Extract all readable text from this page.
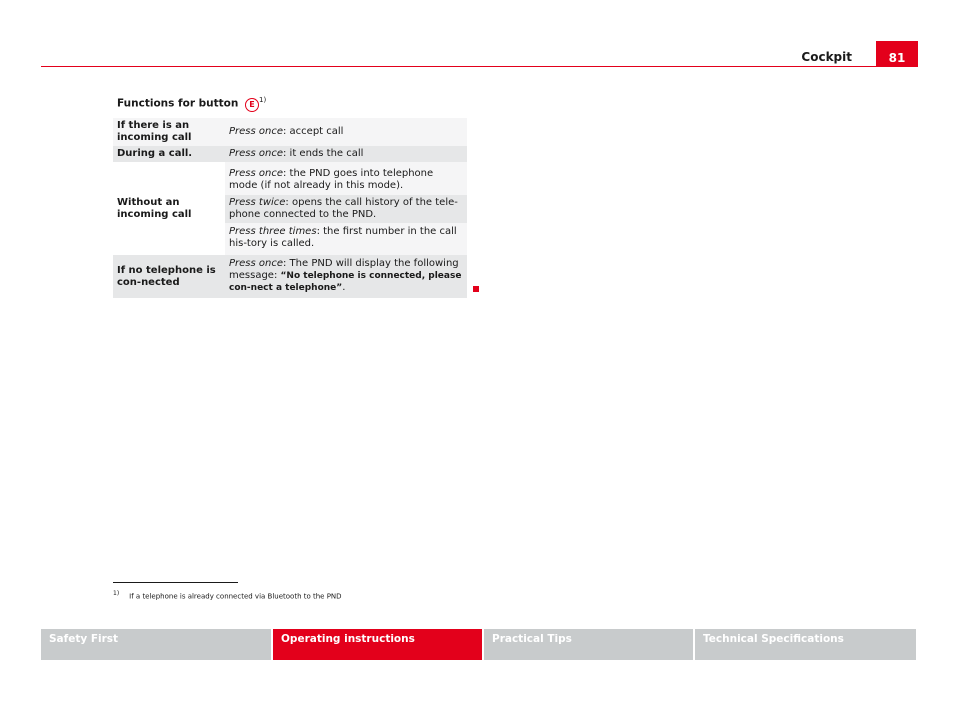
Cockpit	81
Functions for button E $^{1)}$
If there is an incoming call	Press once: accept call
During a call.	Press once: it ends the call
Without an incoming call	Press once: the PND goes into telephone mode (if not already in this mode).
	Press twice: opens the call history of the tele-phone connected to the PND.
	Press three times: the first number in the call his-tory is called.
If no telephone is con-nected	Press once: The PND will display the following message: “No telephone is connected, please con-nect a telephone”.
1) If a telephone is already connected via Bluetooth to the PND
Safety First	Operating instructions	Practical Tips	Technical Specifications
